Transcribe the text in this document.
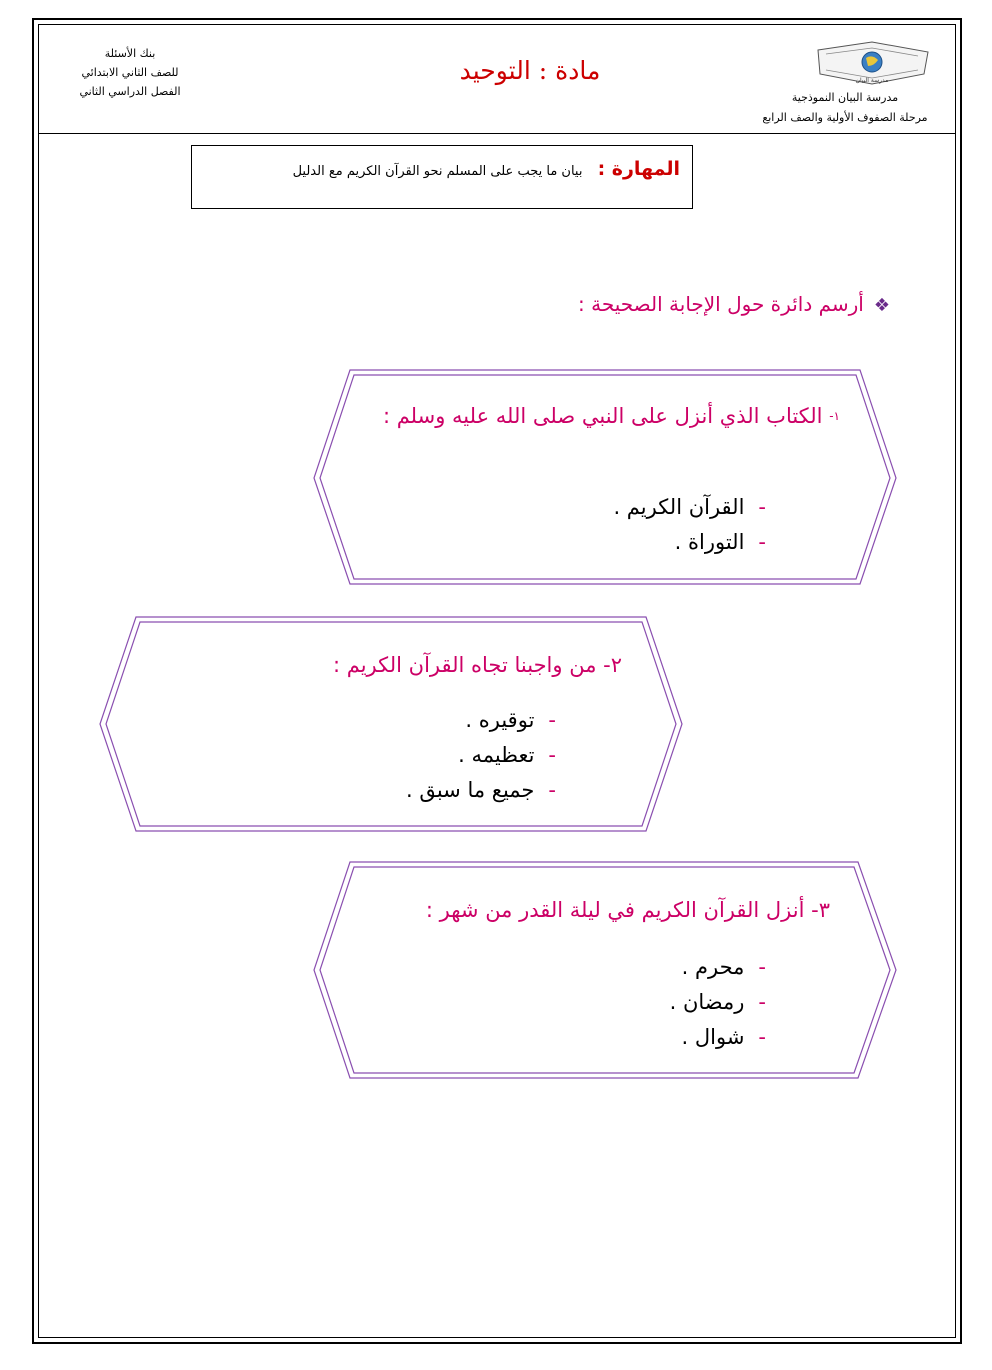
بنك الأسئلة
للصف الثاني الابتدائي
الفصل الدراسي الثاني
مادة : التوحيد	مدرسة البيان
مدرسة البيان النموذجية
مرحلة الصفوف الأولية والصف الرابع
المهارة : بيان ما يجب على المسلم نحو القرآن الكريم مع الدليل
❖أرسم دائرة حول الإجابة الصحيحة :
$^{١-}$ الكتاب الذي أنزل على النبي صلى الله عليه وسلم :
-القرآن الكريم .
-التوراة .
٢- من واجبنا تجاه القرآن الكريم :
-توقيره .
-تعظيمه .
-جميع ما سبق .
٣- أنزل القرآن الكريم في ليلة القدر من شهر :
-محرم .
-رمضان .
-شوال .
